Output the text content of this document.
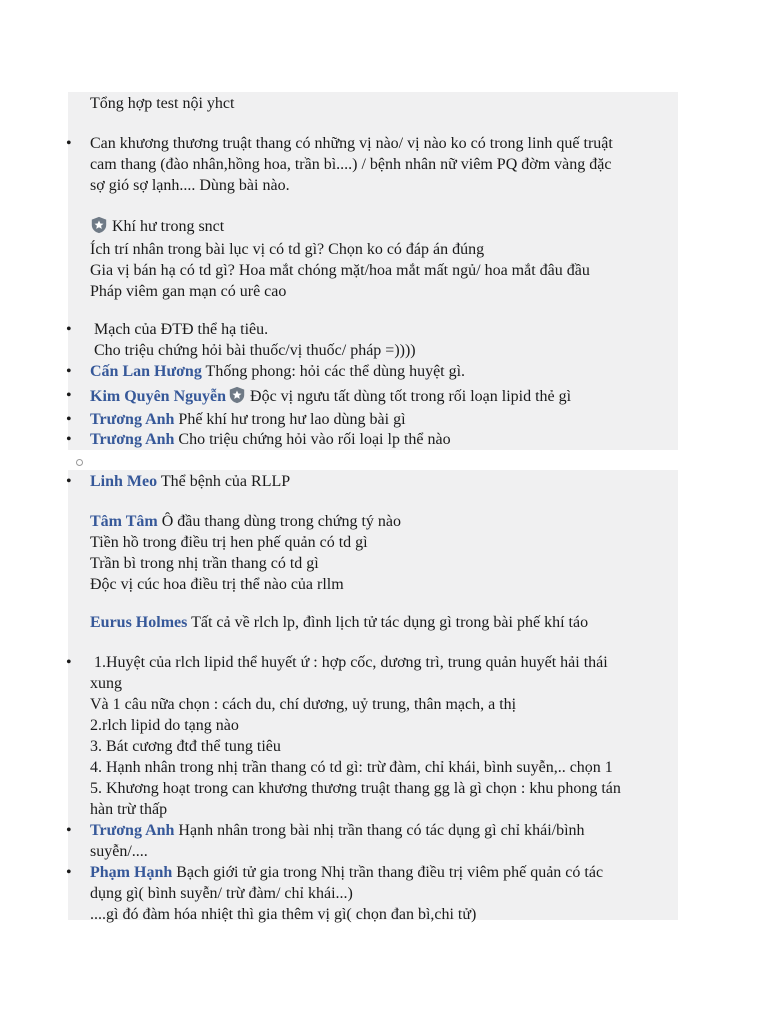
Tổng hợp test nội yhct
• Can khương thương truật thang có những vị nào/ vị nào ko có trong linh quế truật
cam thang (đào nhân,hồng hoa, trần bì....) / bệnh nhân nữ viêm PQ đờm vàng đặc
sợ gió sợ lạnh.... Dùng bài nào.
Khí hư trong snct
Ích trí nhân trong bài lục vị có td gì? Chọn ko có đáp án đúng
Gia vị bán hạ có td gì? Hoa mắt chóng mặt/hoa mắt mất ngủ/ hoa mắt đâu đầu
Pháp viêm gan mạn có urê cao
• Mạch của ĐTĐ thể hạ tiêu.
Cho triệu chứng hỏi bài thuốc/vị thuốc/ pháp =))))
• Cấn Lan Hương Thống phong: hỏi các thể dùng huyệt gì.
• Kim Quyên Nguyễn Độc vị ngưu tất dùng tốt trong rối loạn lipid thẻ gì
• Trương Anh Phế khí hư trong hư lao dùng bài gì
• Trương Anh Cho triệu chứng hỏi vào rối loại lp thể nào
• Linh Meo Thể bệnh của RLLP
Tâm Tâm Ô đầu thang dùng trong chứng tý nào
Tiền hồ trong điều trị hen phế quản có td gì
Trần bì trong nhị trần thang có td gì
Độc vị cúc hoa điều trị thể nào của rllm
Eurus Holmes Tất cả về rlch lp, đình lịch tử tác dụng gì trong bài phế khí táo
• 1.Huyệt của rlch lipid thể huyết ứ : hợp cốc, dương trì, trung quản huyết hải thái
xung
Và 1 câu nữa chọn : cách du, chí dương, uỷ trung, thân mạch, a thị
2.rlch lipid do tạng nào
3. Bát cương đtđ thể tung tiêu
4. Hạnh nhân trong nhị trần thang có td gì: trừ đàm, chỉ khái, bình suyễn,.. chọn 1
5. Khương hoạt trong can khương thương truật thang gg là gì chọn : khu phong tán
hàn trừ thấp
• Trương Anh Hạnh nhân trong bài nhị trần thang có tác dụng gì chỉ khái/bình
suyễn/....
• Phạm Hạnh Bạch giới tử gia trong Nhị trần thang điều trị viêm phế quản có tác
dụng gì( bình suyễn/ trừ đàm/ chỉ khái...)
....gì đó đàm hóa nhiệt thì gia thêm vị gì( chọn đan bì,chi tử)
